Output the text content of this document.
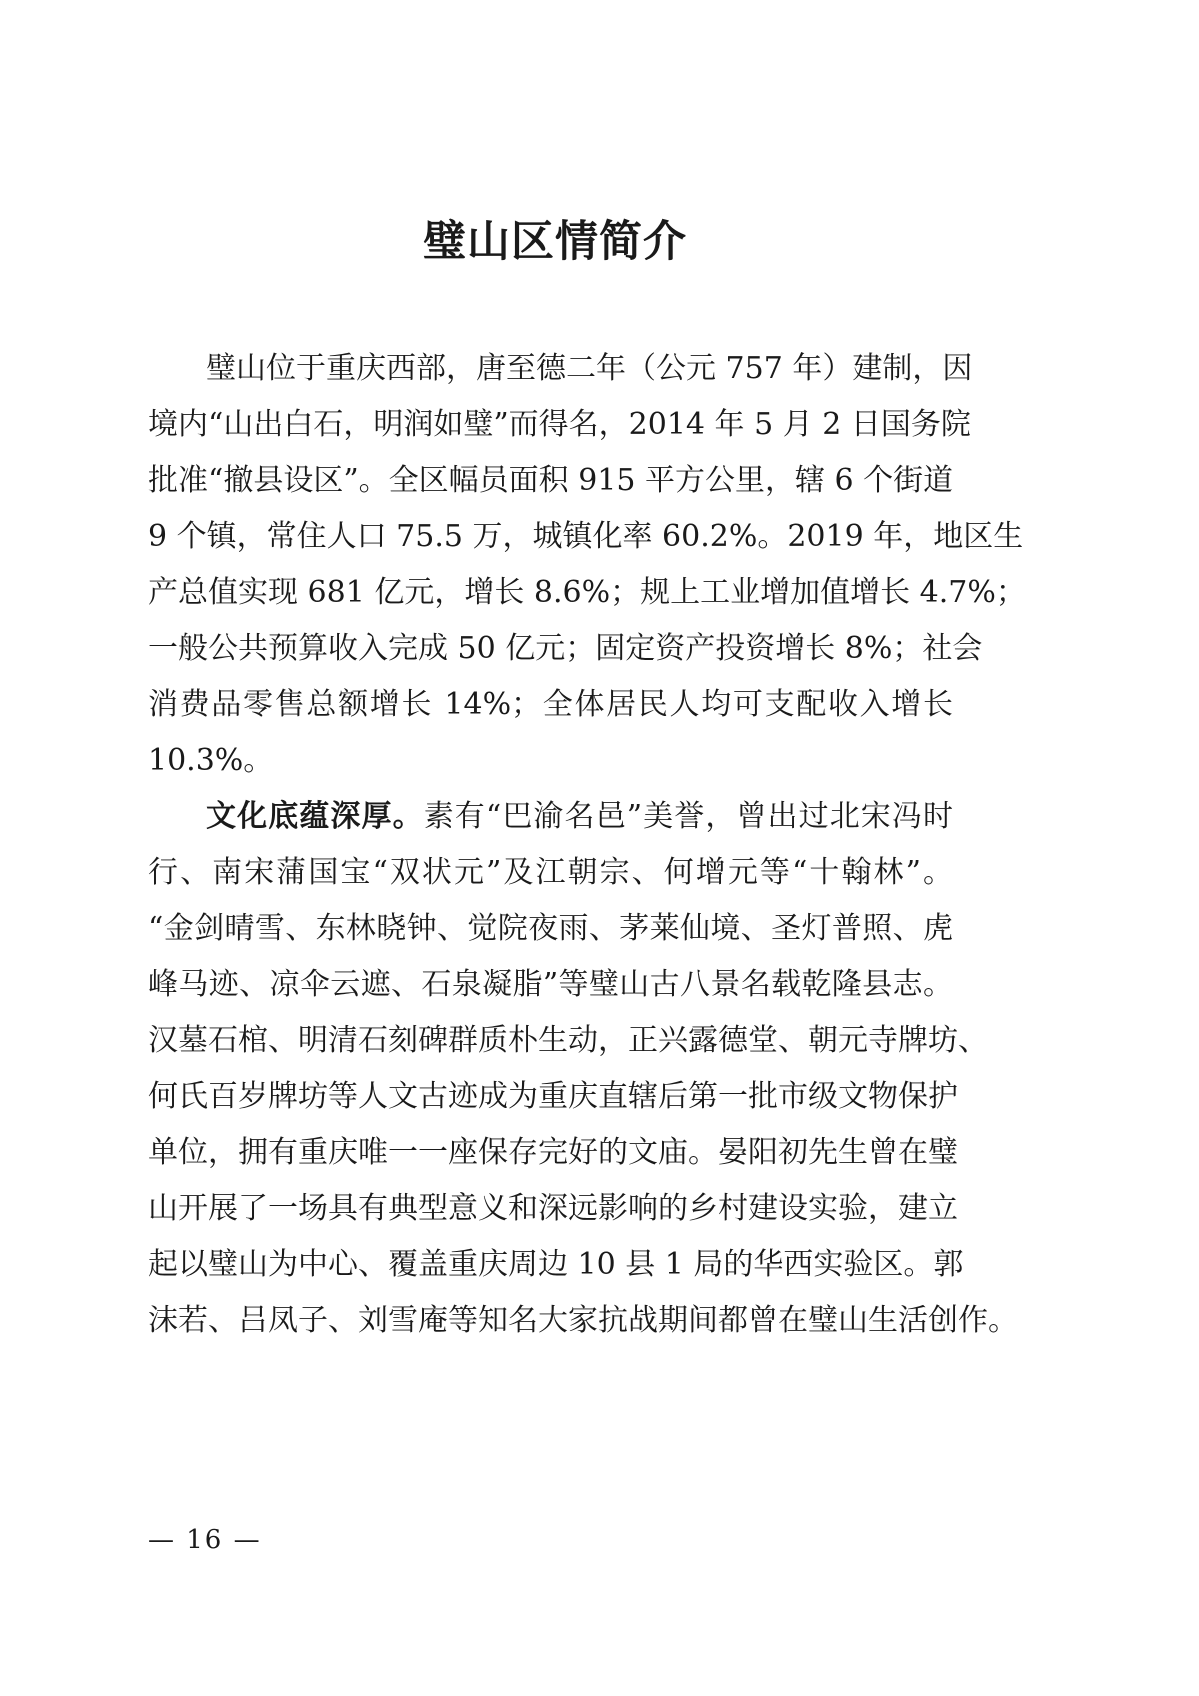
璧山区情简介
璧山位于重庆西部，唐至德二年（公元 757 年）建制，因
境内“山出白石，明润如璧”而得名，2014 年 5 月 2 日国务院
批准“撤县设区”。全区幅员面积 915 平方公里，辖 6 个街道
9 个镇，常住人口 75.5 万，城镇化率 60.2%。2019 年，地区生
产总值实现 681 亿元，增长 8.6%；规上工业增加值增长 4.7%；
一般公共预算收入完成 50 亿元；固定资产投资增长 8%；社会
消费品零售总额增长 14%；全体居民人均可支配收入增长
10.3%。
文化底蕴深厚。素有“巴渝名邑”美誉，曾出过北宋冯时
行、南宋蒲国宝“双状元”及江朝宗、何增元等“十翰林”。
“金剑晴雪、东林晓钟、觉院夜雨、茅莱仙境、圣灯普照、虎
峰马迹、凉伞云遮、石泉凝脂”等璧山古八景名载乾隆县志。
汉墓石棺、明清石刻碑群质朴生动，正兴露德堂、朝元寺牌坊、
何氏百岁牌坊等人文古迹成为重庆直辖后第一批市级文物保护
单位，拥有重庆唯一一座保存完好的文庙。晏阳初先生曾在璧
山开展了一场具有典型意义和深远影响的乡村建设实验，建立
起以璧山为中心、覆盖重庆周边 10 县 1 局的华西实验区。郭
沫若、吕凤子、刘雪庵等知名大家抗战期间都曾在璧山生活创作。
— 16 —
